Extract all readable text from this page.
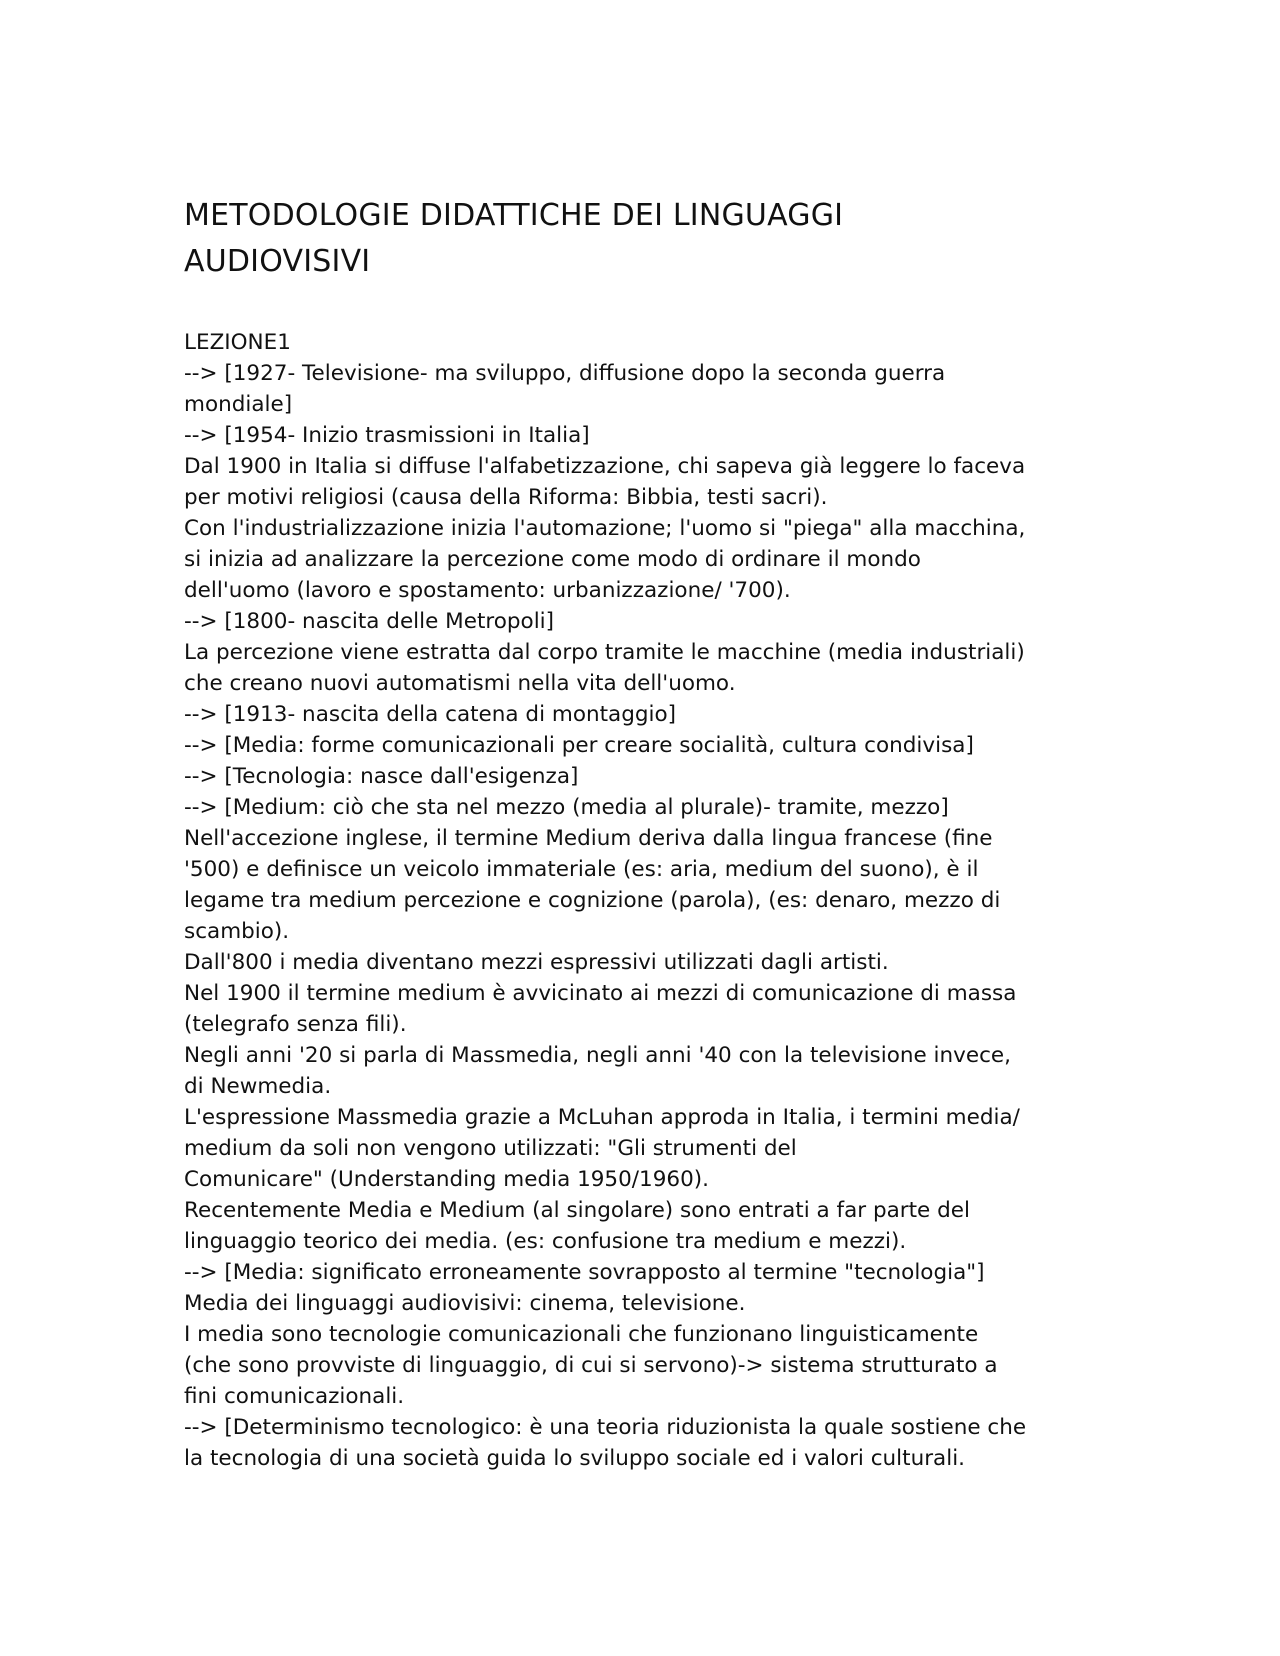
METODOLOGIE DIDATTICHE DEI LINGUAGGI
AUDIOVISIVI
LEZIONE1
--> [1927- Televisione- ma sviluppo, diffusione dopo la seconda guerra
mondiale]
--> [1954- Inizio trasmissioni in Italia]
Dal 1900 in Italia si diffuse l'alfabetizzazione, chi sapeva già leggere lo faceva
per motivi religiosi (causa della Riforma: Bibbia, testi sacri).
Con l'industrializzazione inizia l'automazione; l'uomo si "piega" alla macchina,
si inizia ad analizzare la percezione come modo di ordinare il mondo
dell'uomo (lavoro e spostamento: urbanizzazione/ '700).
--> [1800- nascita delle Metropoli]
La percezione viene estratta dal corpo tramite le macchine (media industriali)
che creano nuovi automatismi nella vita dell'uomo.
--> [1913- nascita della catena di montaggio]
--> [Media: forme comunicazionali per creare socialità, cultura condivisa]
--> [Tecnologia: nasce dall'esigenza]
--> [Medium: ciò che sta nel mezzo (media al plurale)- tramite, mezzo]
Nell'accezione inglese, il termine Medium deriva dalla lingua francese (fine
'500) e definisce un veicolo immateriale (es: aria, medium del suono), è il
legame tra medium percezione e cognizione (parola), (es: denaro, mezzo di
scambio).
Dall'800 i media diventano mezzi espressivi utilizzati dagli artisti.
Nel 1900 il termine medium è avvicinato ai mezzi di comunicazione di massa
(telegrafo senza fili).
Negli anni '20 si parla di Massmedia, negli anni '40 con la televisione invece,
di Newmedia.
L'espressione Massmedia grazie a McLuhan approda in Italia, i termini media/
medium da soli non vengono utilizzati: "Gli strumenti del
Comunicare" (Understanding media 1950/1960).
Recentemente Media e Medium (al singolare) sono entrati a far parte del
linguaggio teorico dei media. (es: confusione tra medium e mezzi).
--> [Media: significato erroneamente sovrapposto al termine "tecnologia"]
Media dei linguaggi audiovisivi: cinema, televisione.
I media sono tecnologie comunicazionali che funzionano linguisticamente
(che sono provviste di linguaggio, di cui si servono)-> sistema strutturato a
fini comunicazionali.
--> [Determinismo tecnologico: è una teoria riduzionista la quale sostiene che
la tecnologia di una società guida lo sviluppo sociale ed i valori culturali.
